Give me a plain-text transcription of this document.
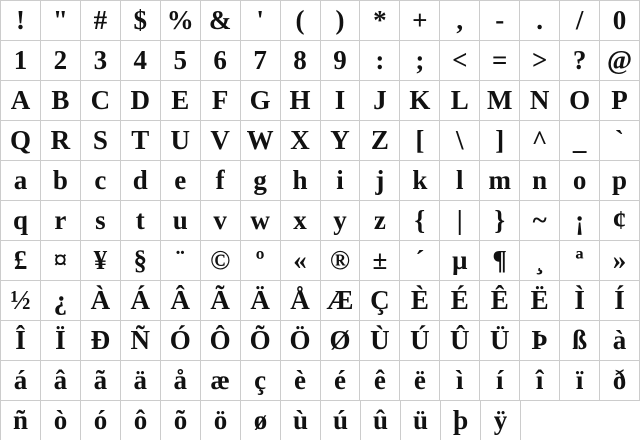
!	" # $ % & '	(	)	* +	,	-	.	/	0
1 2 3 4 5 6 7 8 9	:	;	< = > ? @
A B C D E F G H I	J K L M N O P
Q R S T U V W X Y Z [	\	]	^ _	`
a b c d e	f	g h	i	j	k	l m n o p
q r	s	t	u v w x y	z	{	|	}	~	¡	¢
£ ¤ ¥ §	¨ © º	« ® ±	´	µ ¶	¸	ª	»
½ ¿ À Á Â Ã Ä Å Æ Ç È É Ê Ë Ì	Í
Î	Ï Ð Ñ Ó Ô Õ Ö Ø Ù Ú Û Ü Þ ß à
á â ã ä å æ ç	è	é	ê	ë	ì	í	î	ï	ð
ñ ò ó ô õ ö ø ù ú û ü þ ÿ
